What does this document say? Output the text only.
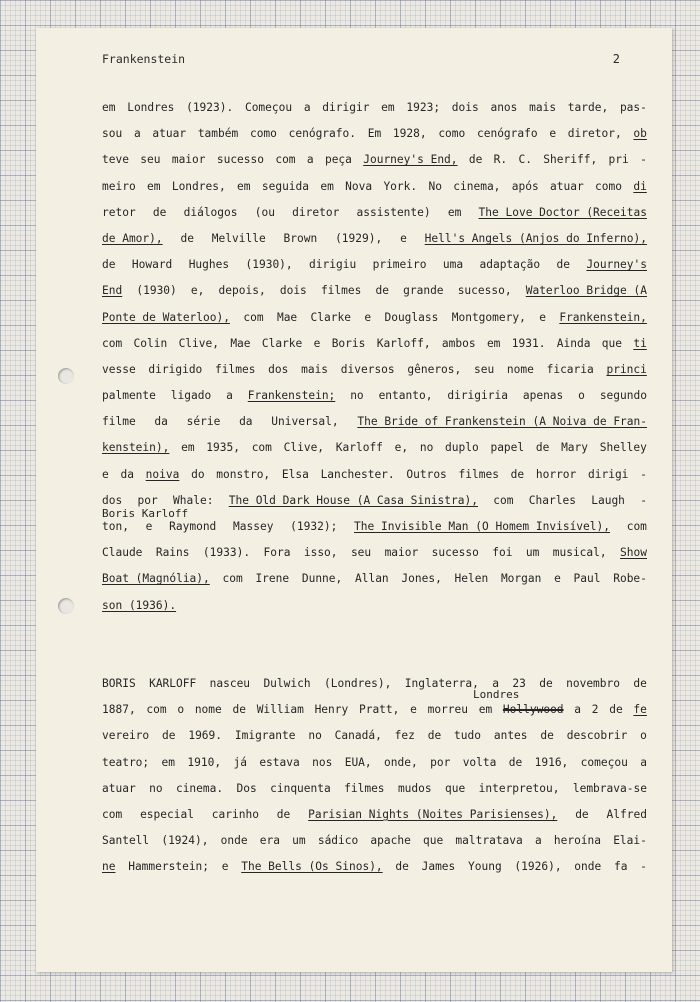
Frankenstein	2
em Londres (1923). Começou a dirigir em 1923; dois anos mais tarde, pas-
sou a atuar também como cenógrafo. Em 1928, como cenógrafo e diretor, ob
teve seu maior sucesso com a peça Journey's End, de R. C. Sheriff, pri -
meiro em Londres, em seguida em Nova York. No cinema, após atuar como di
retor de diálogos (ou diretor assistente) em The Love Doctor (Receitas
de Amor), de Melville Brown (1929), e Hell's Angels (Anjos do Inferno),
de Howard Hughes (1930), dirigiu primeiro uma adaptação de Journey's
End (1930) e, depois, dois filmes de grande sucesso, Waterloo Bridge (A
Ponte de Waterloo), com Mae Clarke e Douglass Montgomery, e Frankenstein,
com Colin Clive, Mae Clarke e Boris Karloff, ambos em 1931. Ainda que ti
vesse dirigido filmes dos mais diversos gêneros, seu nome ficaria princi
palmente ligado a Frankenstein; no entanto, dirigiria apenas o segundo
filme da série da Universal, The Bride of Frankenstein (A Noiva de Fran-
kenstein), em 1935, com Clive, Karloff e, no duplo papel de Mary Shelley
e da noiva do monstro, Elsa Lanchester. Outros filmes de horror dirigi -
dos por Whale: The Old Dark House (A Casa Sinistra), com Charles Laugh -
ton, e Raymond Massey (1932); The Invisible Man (O Homem Invisível), com
Boris Karloff
Claude Rains (1933). Fora isso, seu maior sucesso foi um musical, Show
Boat (Magnólia), com Irene Dunne, Allan Jones, Helen Morgan e Paul Robe-
son (1936).
BORIS KARLOFF nasceu Dulwich (Londres), Inglaterra, a 23 de novembro de
1887, com o nome de William Henry Pratt, e morreu em Hollywood a 2 de fe
Londres
vereiro de 1969. Imigrante no Canadá, fez de tudo antes de descobrir o
teatro; em 1910, já estava nos EUA, onde, por volta de 1916, começou a
atuar no cinema. Dos cinquenta filmes mudos que interpretou, lembrava-se
com especial carinho de Parisian Nights (Noites Parisienses), de Alfred
Santell (1924), onde era um sádico apache que maltratava a heroína Elai-
ne Hammerstein; e The Bells (Os Sinos), de James Young (1926), onde fa -
